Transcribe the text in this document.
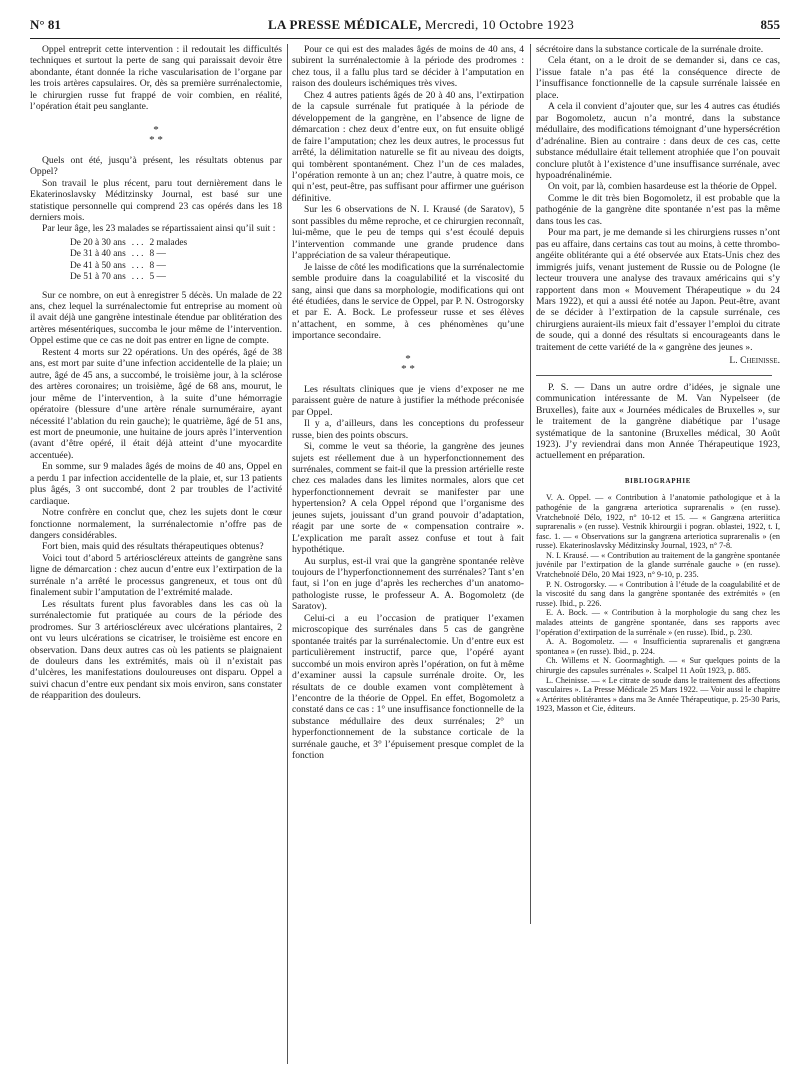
N° 81	LA PRESSE MÉDICALE, Mercredi, 10 Octobre 1923	855

Oppel entreprit cette intervention : il redoutait les difficultés techniques et surtout la perte de sang qui paraissait devoir être abondante, étant donnée la riche vascularisation de l’organe par les trois artères capsulaires. Or, dès sa première surrénalectomie, le chirurgien russe fut frappé de voir combien, en réalité, l’opération était peu sanglante.

*
* *

Quels ont été, jusqu’à présent, les résultats obtenus par Oppel?

Son travail le plus récent, paru tout dernièrement dans le Ekaterinoslavsky Méditzinsky Journal, est basé sur une statistique personnelle qui comprend 23 cas opérés dans les 18 derniers mois.

Par leur âge, les 23 malades se répartissaient ainsi qu’il suit :

De 20 à 30 ans	. . .	2 malades
De 31 à 40 ans	. . .	8 —
De 41 à 50 ans	. . .	8 —
De 51 à 70 ans	. . .	5 —

Sur ce nombre, on eut à enregistrer 5 décès. Un malade de 22 ans, chez lequel la surrénalectomie fut entreprise au moment où il avait déjà une gangrène intestinale étendue par oblitération des artères mésentériques, succomba le jour même de l’intervention. Oppel estime que ce cas ne doit pas entrer en ligne de compte.

Restent 4 morts sur 22 opérations. Un des opérés, âgé de 38 ans, est mort par suite d’une infection accidentelle de la plaie; un autre, âgé de 45 ans, a succombé, le troisième jour, à la sclérose des artères coronaires; un troisième, âgé de 68 ans, mourut, le jour même de l’intervention, à la suite d’une hémorragie opératoire (blessure d’une artère rénale surnuméraire, ayant nécessité l’ablation du rein gauche); le quatrième, âgé de 51 ans, est mort de pneumonie, une huitaine de jours après l’intervention (avant d’être opéré, il était déjà atteint d’une myocardite accentuée).

En somme, sur 9 malades âgés de moins de 40 ans, Oppel en a perdu 1 par infection accidentelle de la plaie, et, sur 13 patients plus âgés, 3 ont succombé, dont 2 par troubles de l’activité cardiaque.

Notre confrère en conclut que, chez les sujets dont le cœur fonctionne normalement, la surrénalectomie n’offre pas de dangers considérables.

Fort bien, mais quid des résultats thérapeutiques obtenus?

Voici tout d’abord 5 artérioscléreux atteints de gangrène sans ligne de démarcation : chez aucun d’entre eux l’extirpation de la surrénale n’a arrêté le processus gangreneux, et tous ont dû finalement subir l’amputation de l’extrémité malade.

Les résultats furent plus favorables dans les cas où la surrénalectomie fut pratiquée au cours de la période des prodromes. Sur 3 artérioscléreux avec ulcérations plantaires, 2 ont vu leurs ulcérations se cicatriser, le troisième est encore en observation. Dans deux autres cas où les patients se plaignaient de douleurs dans les extrémités, mais où il n’existait pas d’ulcères, les manifestations douloureuses ont disparu. Oppel a suivi chacun d’entre eux pendant six mois environ, sans constater de réapparition des douleurs.

Pour ce qui est des malades âgés de moins de 40 ans, 4 subirent la surrénalectomie à la période des prodromes : chez tous, il a fallu plus tard se décider à l’amputation en raison des douleurs ischémiques très vives.

Chez 4 autres patients âgés de 20 à 40 ans, l’extirpation de la capsule surrénale fut pratiquée à la période de développement de la gangrène, en l’absence de ligne de démarcation : chez deux d’entre eux, on fut ensuite obligé de faire l’amputation; chez les deux autres, le processus fut arrêté, la délimitation naturelle se fit au niveau des doigts, qui tombèrent spontanément. Chez l’un de ces malades, l’opération remonte à un an; chez l’autre, à quatre mois, ce qui n’est, peut-être, pas suffisant pour affirmer une guérison définitive.

Sur les 6 observations de N. I. Krausé (de Saratov), 5 sont passibles du même reproche, et ce chirurgien reconnaît, lui-même, que le peu de temps qui s’est écoulé depuis l’intervention commande une grande prudence dans l’appréciation de sa valeur thérapeutique.

Je laisse de côté les modifications que la surrénalectomie semble produire dans la coagulabilité et la viscosité du sang, ainsi que dans sa morphologie, modifications qui ont été étudiées, dans le service de Oppel, par P. N. Ostrogorsky et par E. A. Bock. Le professeur russe et ses élèves n’attachent, en somme, à ces phénomènes qu’une importance secondaire.

*
* *

Les résultats cliniques que je viens d’exposer ne me paraissent guère de nature à justifier la méthode préconisée par Oppel.

Il y a, d’ailleurs, dans les conceptions du professeur russe, bien des points obscurs.

Si, comme le veut sa théorie, la gangrène des jeunes sujets est réellement due à un hyperfonctionnement des surrénales, comment se fait-il que la pression artérielle reste chez ces malades dans les limites normales, alors que cet hyperfonctionnement devrait se manifester par une hypertension? A cela Oppel répond que l’organisme des jeunes sujets, jouissant d’un grand pouvoir d’adaptation, réagit par une sorte de « compensation contraire ». L’explication me paraît assez confuse et tout à fait hypothétique.

Au surplus, est-il vrai que la gangrène spontanée relève toujours de l’hyperfonctionnement des surrénales? Tant s’en faut, si l’on en juge d’après les recherches d’un anatomo-pathologiste russe, le professeur A. A. Bogomoletz (de Saratov).

Celui-ci a eu l’occasion de pratiquer l’examen microscopique des surrénales dans 5 cas de gangrène spontanée traités par la surrénalectomie. Un d’entre eux est particulièrement instructif, parce que, l’opéré ayant succombé un mois environ après l’opération, on fut à même d’examiner aussi la capsule surrénale droite. Or, les résultats de ce double examen vont complètement à l’encontre de la théorie de Oppel. En effet, Bogomoletz a constaté dans ce cas : 1° une insuffisance fonctionnelle de la substance médullaire des deux surrénales; 2° un hyperfonctionnement de la substance corticale de la surrénale gauche, et 3° l’épuisement presque complet de la fonction

sécrétoire dans la substance corticale de la surrénale droite.

Cela étant, on a le droit de se demander si, dans ce cas, l’issue fatale n’a pas été la conséquence directe de l’insuffisance fonctionnelle de la capsule surrénale laissée en place.

A cela il convient d’ajouter que, sur les 4 autres cas étudiés par Bogomoletz, aucun n’a montré, dans la substance médullaire, des modifications témoignant d’une hypersécrétion d’adrénaline. Bien au contraire : dans deux de ces cas, cette substance médullaire était tellement atrophiée que l’on pouvait conclure plutôt à l’existence d’une insuffisance surrénale, avec hypoadrénalinémie.

On voit, par là, combien hasardeuse est la théorie de Oppel.

Comme le dit très bien Bogomoletz, il est probable que la pathogénie de la gangrène dite spontanée n’est pas la même dans tous les cas.

Pour ma part, je me demande si les chirurgiens russes n’ont pas eu affaire, dans certains cas tout au moins, à cette thrombo-angéite oblitérante qui a été observée aux Etats-Unis chez des immigrés juifs, venant justement de Russie ou de Pologne (le lecteur trouvera une analyse des travaux américains qui s’y rapportent dans mon « Mouvement Thérapeutique » du 24 Mars 1922), et qui a aussi été notée au Japon. Peut-être, avant de se décider à l’extirpation de la capsule surrénale, ces chirurgiens auraient-ils mieux fait d’essayer l’emploi du citrate de soude, qui a donné des résultats si encourageants dans le traitement de cette variété de la « gangrène des jeunes ».

L. Cheinisse.

P. S. — Dans un autre ordre d’idées, je signale une communication intéressante de M. Van Nypelseer (de Bruxelles), faite aux « Journées médicales de Bruxelles », sur le traitement de la gangrène diabétique par l’usage systématique de la santonine (Bruxelles médical, 30 Août 1923). J’y reviendrai dans mon Année Thérapeutique 1923, actuellement en préparation.

BIBLIOGRAPHIE

V. A. Oppel. — « Contribution à l’anatomie pathologique et à la pathogénie de la gangræna arteriotica suprarenalis » (en russe). Vratchebnoïé Délo, 1922, n° 10-12 et 15. — « Gangræna arteriitica suprarenalis » (en russe). Vestnik khirourgii i pogran. oblastei, 1922, t. I, fasc. 1. — « Observations sur la gangræna arteriotica suprarenalis » (en russe). Ekaterinoslavsky Méditzinsky Journal, 1923, n° 7-8.

N. I. Krausé. — « Contribution au traitement de la gangrène spontanée juvénile par l’extirpation de la glande surrénale gauche » (en russe). Vratchebnoïé Délo, 20 Mai 1923, n° 9-10, p. 235.

P. N. Ostrogorsky. — « Contribution à l’étude de la coagulabilité et de la viscosité du sang dans la gangrène spontanée des extrémités » (en russe). Ibid., p. 226.

E. A. Bock. — « Contribution à la morphologie du sang chez les malades atteints de gangrène spontanée, dans ses rapports avec l’opération d’extirpation de la surrénale » (en russe). Ibid., p. 230.

A. A. Bogomoletz. — « Insufficientia suprarenalis et gangræna spontanea » (en russe). Ibid., p. 224.

Ch. Willems et N. Goormaghtigh. — « Sur quelques points de la chirurgie des capsules surrénales ». Scalpel 11 Août 1923, p. 885.

L. Cheinisse. — « Le citrate de soude dans le traitement des affections vasculaires ». La Presse Médicale 25 Mars 1922. — Voir aussi le chapitre « Artérites oblitérantes » dans ma 3e Année Thérapeutique, p. 25-30 Paris, 1923, Masson et Cie, éditeurs.
